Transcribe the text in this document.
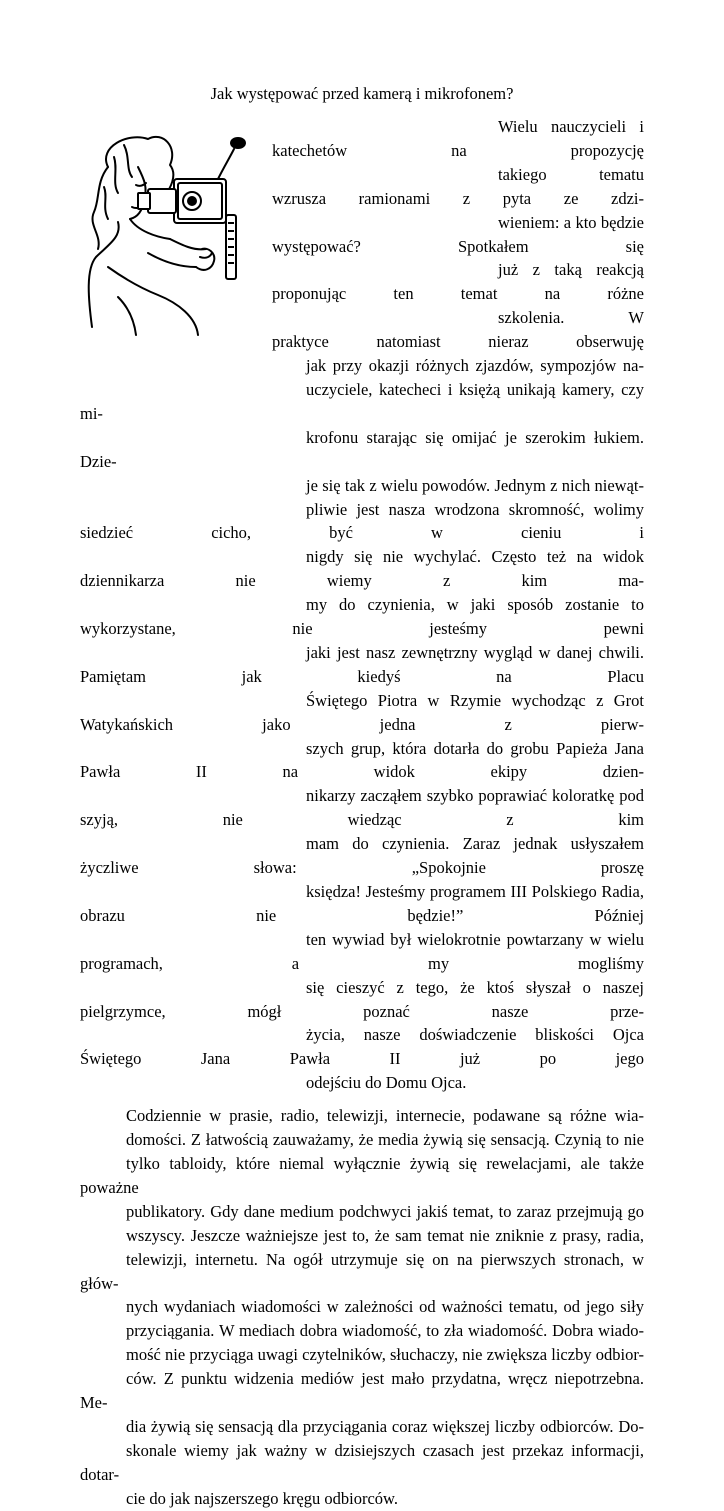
Jak występować przed kamerą i mikrofonem?

Wielu nauczycieli i katechetów na propozycję
takiego tematu wzrusza ramionami z pyta ze zdzi-
wieniem: a kto będzie występować? Spotkałem się
już z taką reakcją proponując ten temat na różne
szkolenia. W praktyce natomiast nieraz obserwuję
jak przy okazji różnych zjazdów, sympozjów na-
uczyciele, katecheci i księżą unikają kamery, czy mi-
krofonu starając się omijać je szerokim łukiem. Dzie-
je się tak z wielu powodów. Jednym z nich niewąt-
pliwie jest nasza wrodzona skromność, wolimy siedzieć cicho, być w cieniu i
nigdy się nie wychylać. Często też na widok dziennikarza nie wiemy z kim ma-
my do czynienia, w jaki sposób zostanie to wykorzystane, nie jesteśmy pewni
jaki jest nasz zewnętrzny wygląd w danej chwili. Pamiętam jak kiedyś na Placu
Świętego Piotra w Rzymie wychodząc z Grot Watykańskich jako jedna z pierw-
szych grup, która dotarła do grobu Papieża Jana Pawła II na widok ekipy dzien-
nikarzy zacząłem szybko poprawiać koloratkę pod szyją, nie wiedząc z kim
mam do czynienia. Zaraz jednak usłyszałem życzliwe słowa: „Spokojnie proszę
księdza! Jesteśmy programem III Polskiego Radia, obrazu nie będzie!” Później
ten wywiad był wielokrotnie powtarzany w wielu programach, a my mogliśmy
się cieszyć z tego, że ktoś słyszał o naszej pielgrzymce, mógł poznać nasze prze-
życia, nasze doświadczenie bliskości Ojca Świętego Jana Pawła II już po jego
odejściu do Domu Ojca.

Codziennie w prasie, radio, telewizji, internecie, podawane są różne wia-
domości. Z łatwością zauważamy, że media żywią się sensacją. Czynią to nie
tylko tabloidy, które niemal wyłącznie żywią się rewelacjami, ale także poważne
publikatory. Gdy dane medium podchwyci jakiś temat, to zaraz przejmują go
wszyscy. Jeszcze ważniejsze jest to, że sam temat nie zniknie z prasy, radia,
telewizji, internetu. Na ogół utrzymuje się on na pierwszych stronach, w głów-
nych wydaniach wiadomości w zależności od ważności tematu, od jego siły
przyciągania. W mediach dobra wiadomość, to zła wiadomość. Dobra wiado-
mość nie przyciąga uwagi czytelników, słuchaczy, nie zwiększa liczby odbior-
ców. Z punktu widzenia mediów jest mało przydatna, wręcz niepotrzebna. Me-
dia żywią się sensacją dla przyciągania coraz większej liczby odbiorców. Do-
skonale wiemy jak ważny w dzisiejszych czasach jest przekaz informacji, dotar-
cie do jak najszerszego kręgu odbiorców.
